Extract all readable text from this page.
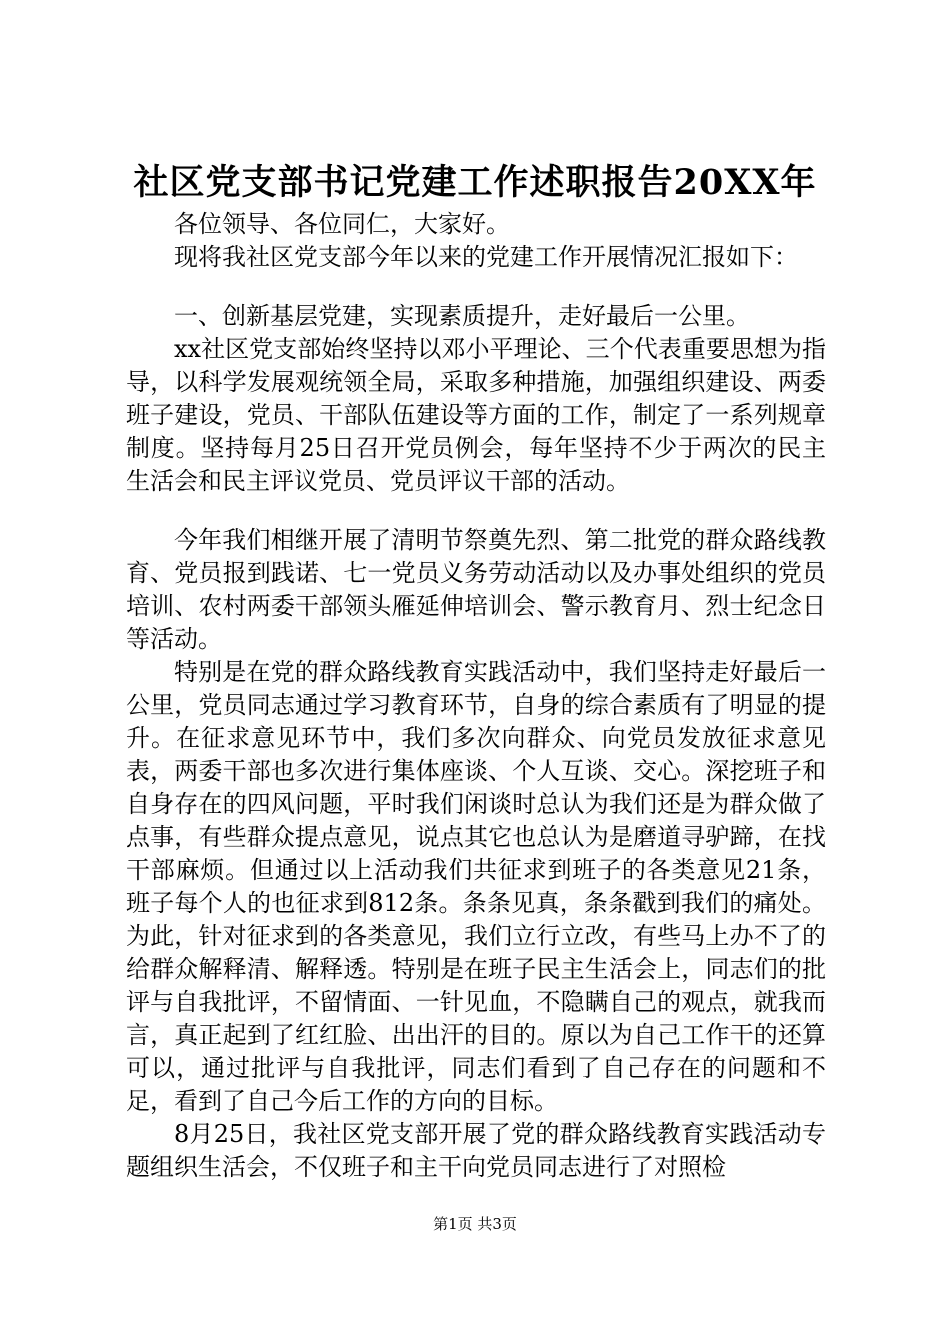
社区党支部书记党建工作述职报告20XX年

各位领导、各位同仁，大家好。

现将我社区党支部今年以来的党建工作开展情况汇报如下：

一、创新基层党建，实现素质提升，走好最后一公里。

xx社区党支部始终坚持以邓小平理论、三个代表重要思想为指导，以科学发展观统领全局，采取多种措施，加强组织建设、两委班子建设，党员、干部队伍建设等方面的工作，制定了一系列规章制度。坚持每月25日召开党员例会，每年坚持不少于两次的民主生活会和民主评议党员、党员评议干部的活动。

今年我们相继开展了清明节祭奠先烈、第二批党的群众路线教育、党员报到践诺、七一党员义务劳动活动以及办事处组织的党员培训、农村两委干部领头雁延伸培训会、警示教育月、烈士纪念日等活动。

特别是在党的群众路线教育实践活动中，我们坚持走好最后一公里，党员同志通过学习教育环节，自身的综合素质有了明显的提升。在征求意见环节中，我们多次向群众、向党员发放征求意见表，两委干部也多次进行集体座谈、个人互谈、交心。深挖班子和自身存在的四风问题，平时我们闲谈时总认为我们还是为群众做了点事，有些群众提点意见，说点其它也总认为是磨道寻驴蹄，在找干部麻烦。但通过以上活动我们共征求到班子的各类意见21条，班子每个人的也征求到812条。条条见真，条条戳到我们的痛处。为此，针对征求到的各类意见，我们立行立改，有些马上办不了的给群众解释清、解释透。特别是在班子民主生活会上，同志们的批评与自我批评，不留情面、一针见血，不隐瞒自己的观点，就我而言，真正起到了红红脸、出出汗的目的。原以为自己工作干的还算可以，通过批评与自我批评，同志们看到了自己存在的问题和不足，看到了自己今后工作的方向的目标。

8月25日，我社区党支部开展了党的群众路线教育实践活动专题组织生活会，不仅班子和主干向党员同志进行了对照检

第1页 共3页
